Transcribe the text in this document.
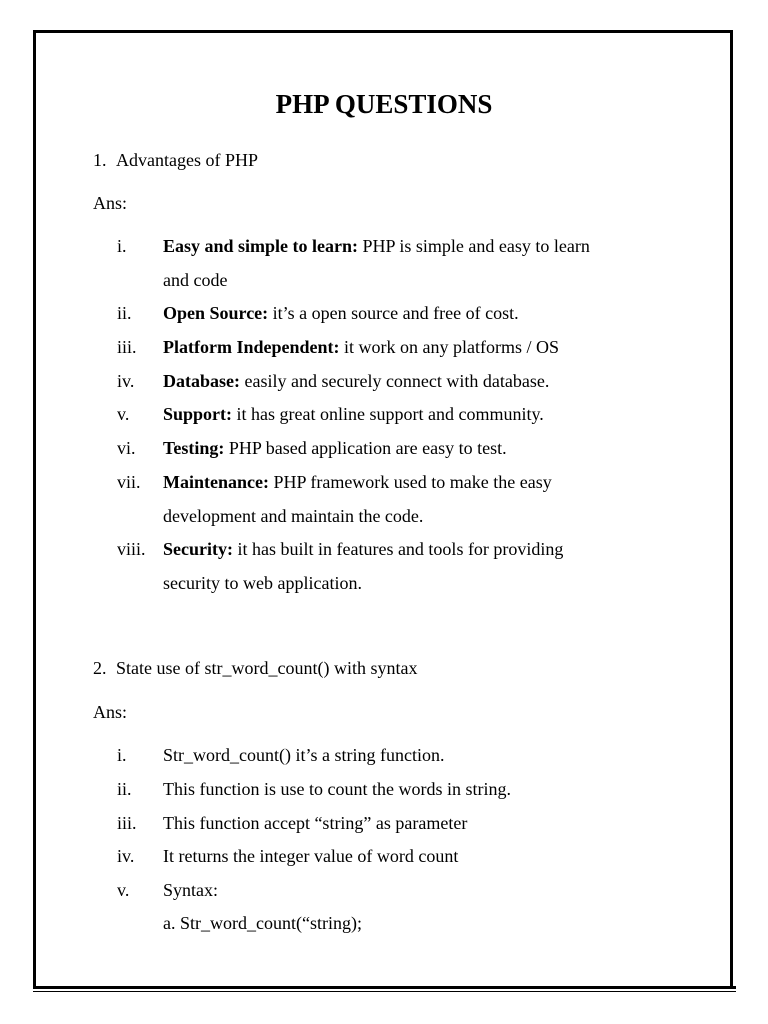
PHP QUESTIONS
1. Advantages of PHP
Ans:
i.	Easy and simple to learn: PHP is simple and easy to learn
and code
ii.	Open Source: it’s a open source and free of cost.
iii.	Platform Independent: it work on any platforms / OS
iv.	Database: easily and securely connect with database.
v.	Support: it has great online support and community.
vi.	Testing: PHP based application are easy to test.
vii.	Maintenance: PHP framework used to make the easy
development and maintain the code.
viii. Security: it has built in features and tools for providing
security to web application.
2. State use of str_word_count() with syntax
Ans:
i.	Str_word_count() it’s a string function.
ii.	This function is use to count the words in string.
iii.	This function accept “string” as parameter
iv.	It returns the integer value of word count
v.	Syntax:
a. Str_word_count(“string);
